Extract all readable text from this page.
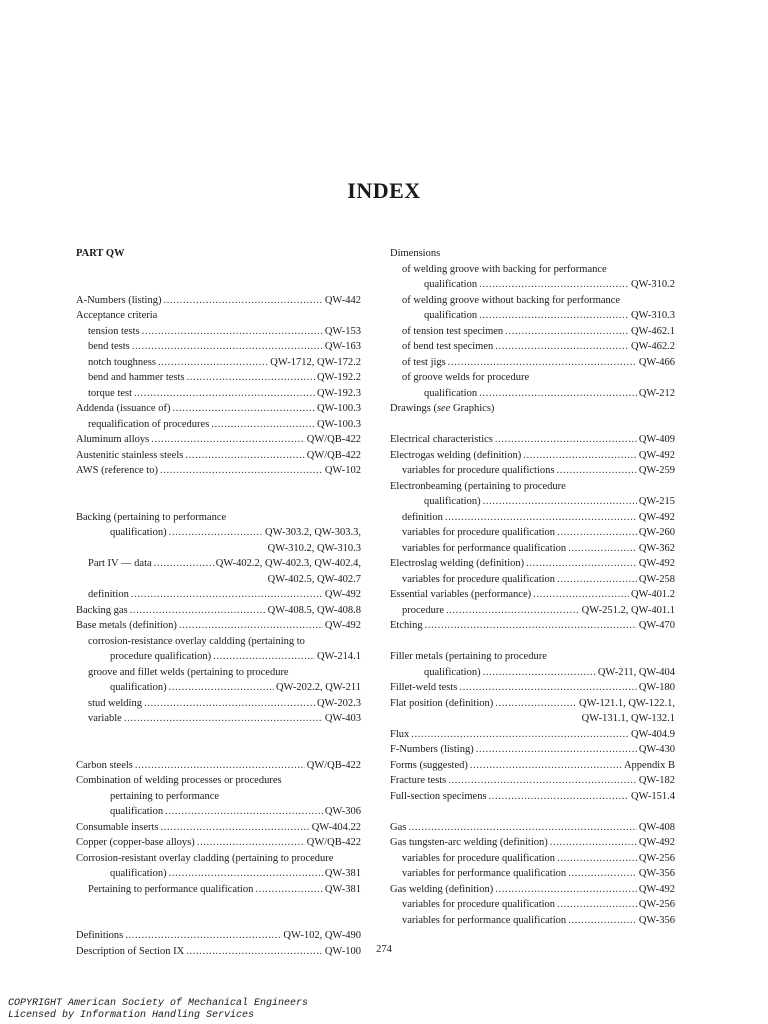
INDEX
PART QW
A-Numbers (listing) . . .	QW-442
Acceptance criteria
tension tests . . .	QW-153
bend tests . . .	QW-163
notch toughness . . .	QW-1712, QW-172.2
bend and hammer tests . . .	QW-192.2
torque test . . .	QW-192.3
Addenda (issuance of) . . .	QW-100.3
requalification of procedures . . .	QW-100.3
Aluminum alloys . . .	QW/QB-422
Austenitic stainless steels . . .	QW/QB-422
AWS (reference to) . . .	QW-102
Backing (pertaining to performance
qualification) . . .	QW-303.2, QW-303.3,
QW-310.2, QW-310.3
Part IV — data . . .	QW-402.2, QW-402.3, QW-402.4,
QW-402.5, QW-402.7
definition . . .	QW-492
Backing gas . . .	QW-408.5, QW-408.8
Base metals (definition) . . .	QW-492
corrosion-resistance overlay caldding (pertaining to
procedure qualification) . . .	QW-214.1
groove and fillet welds (pertaining to procedure
qualification) . . .	QW-202.2, QW-211
stud welding . . .	QW-202.3
variable . . .	QW-403
Carbon steels . . .	QW/QB-422
Combination of welding processes or procedures
pertaining to performance
qualification . . .	QW-306
Consumable inserts . . .	QW-404.22
Copper (copper-base alloys) . . .	QW/QB-422
Corrosion-resistant overlay cladding (pertaining to procedure
qualification) . . .	QW-381
Pertaining to performance qualification . . .	QW-381
Definitions . . .	QW-102, QW-490
Description of Section IX . . .	QW-100
Dimensions
of welding groove with backing for performance
qualification . . .	QW-310.2
of welding groove without backing for performance
qualification . . .	QW-310.3
of tension test specimen . . .	QW-462.1
of bend test specimen . . .	QW-462.2
of test jigs . . .	QW-466
of groove welds for procedure
qualification . . .	QW-212
Drawings (see Graphics)
Electrical characteristics . . .	QW-409
Electrogas welding (definition) . . .	QW-492
variables for procedure qualifictions . . .	QW-259
Electronbeaming (pertaining to procedure
qualification) . . .	QW-215
definition . . .	QW-492
variables for procedure qualification . . .	QW-260
variables for performance qualification . . .	QW-362
Electroslag welding (definition) . . .	QW-492
variables for procedure qualification . . .	QW-258
Essential variables (performance) . . .	QW-401.2
procedure . . .	QW-251.2, QW-401.1
Etching . . .	QW-470
Filler metals (pertaining to procedure
qualification) . . .	QW-211, QW-404
Fillet-weld tests . . .	QW-180
Flat position (definition) . . .	QW-121.1, QW-122.1,
QW-131.1, QW-132.1
Flux . . .	QW-404.9
F-Numbers (listing) . . .	QW-430
Forms (suggested) . . .	Appendix B
Fracture tests . . .	QW-182
Full-section specimens . . .	QW-151.4
Gas . . .	QW-408
Gas tungsten-arc welding (definition) . . .	QW-492
variables for procedure qualification . . .	QW-256
variables for performance qualification . . .	QW-356
Gas welding (definition) . . .	QW-492
variables for procedure qualification . . .	QW-256
variables for performance qualification . . .	QW-356
274
COPYRIGHT American Society of Mechanical Engineers
Licensed by Information Handling Services
